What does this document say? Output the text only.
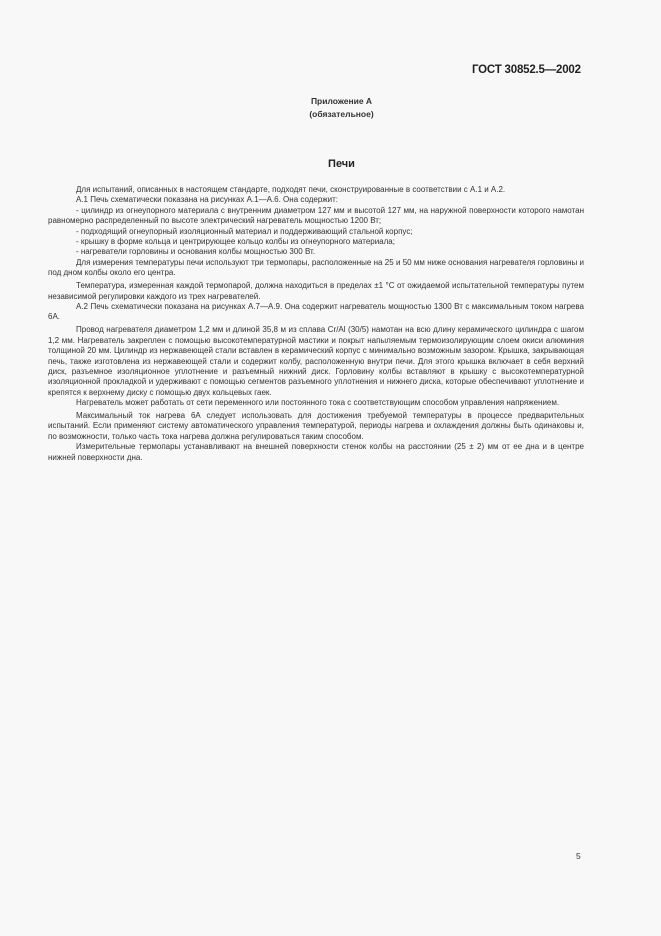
ГОСТ 30852.5—2002
Приложение А
(обязательное)
Печи

Для испытаний, описанных в настоящем стандарте, подходят печи, сконструированные в соответствии с А.1 и А.2.

А.1 Печь схематически показана на рисунках А.1—А.6. Она содержит:

- цилиндр из огнеупорного материала с внутренним диаметром 127 мм и высотой 127 мм, на наружной поверхности которого намотан равномерно распределенный по высоте электрический нагреватель мощностью 1200 Вт;

- подходящий огнеупорный изоляционный материал и поддерживающий стальной корпус;

- крышку в форме кольца и центрирующее кольцо колбы из огнеупорного материала;

- нагреватели горловины и основания колбы мощностью 300 Вт.

Для измерения температуры печи используют три термопары, расположенные на 25 и 50 мм ниже основания нагревателя горловины и под дном колбы около его центра.

Температура, измеренная каждой термопарой, должна находиться в пределах ±1 °С от ожидаемой испытательной температуры путем независимой регулировки каждого из трех нагревателей.

А.2 Печь схематически показана на рисунках А.7—А.9. Она содержит нагреватель мощностью 1300 Вт с максимальным током нагрева 6А.

Провод нагревателя диаметром 1,2 мм и длиной 35,8 м из сплава Cr/Al (30/5) намотан на всю длину керамического цилиндра с шагом 1,2 мм. Нагреватель закреплен с помощью высокотемпературной мастики и покрыт напыляемым термоизолирующим слоем окиси алюминия толщиной 20 мм. Цилиндр из нержавеющей стали вставлен в керамический корпус с минимально возможным зазором. Крышка, закрывающая печь, также изготовлена из нержавеющей стали и содержит колбу, расположенную внутри печи. Для этого крышка включает в себя верхний диск, разъемное изоляционное уплотнение и разъемный нижний диск. Горловину колбы вставляют в крышку с высокотемпературной изоляционной прокладкой и удерживают с помощью сегментов разъемного уплотнения и нижнего диска, которые обеспечивают уплотнение и крепятся к верхнему диску с помощью двух кольцевых гаек.

Нагреватель может работать от сети переменного или постоянного тока с соответствующим способом управления напряжением.

Максимальный ток нагрева 6А следует использовать для достижения требуемой температуры в процессе предварительных испытаний. Если применяют систему автоматического управления температурой, периоды нагрева и охлаждения должны быть одинаковы и, по возможности, только часть тока нагрева должна регулироваться таким способом.

Измерительные термопары устанавливают на внешней поверхности стенок колбы на расстоянии (25 ± 2) мм от ее дна и в центре нижней поверхности дна.

5
